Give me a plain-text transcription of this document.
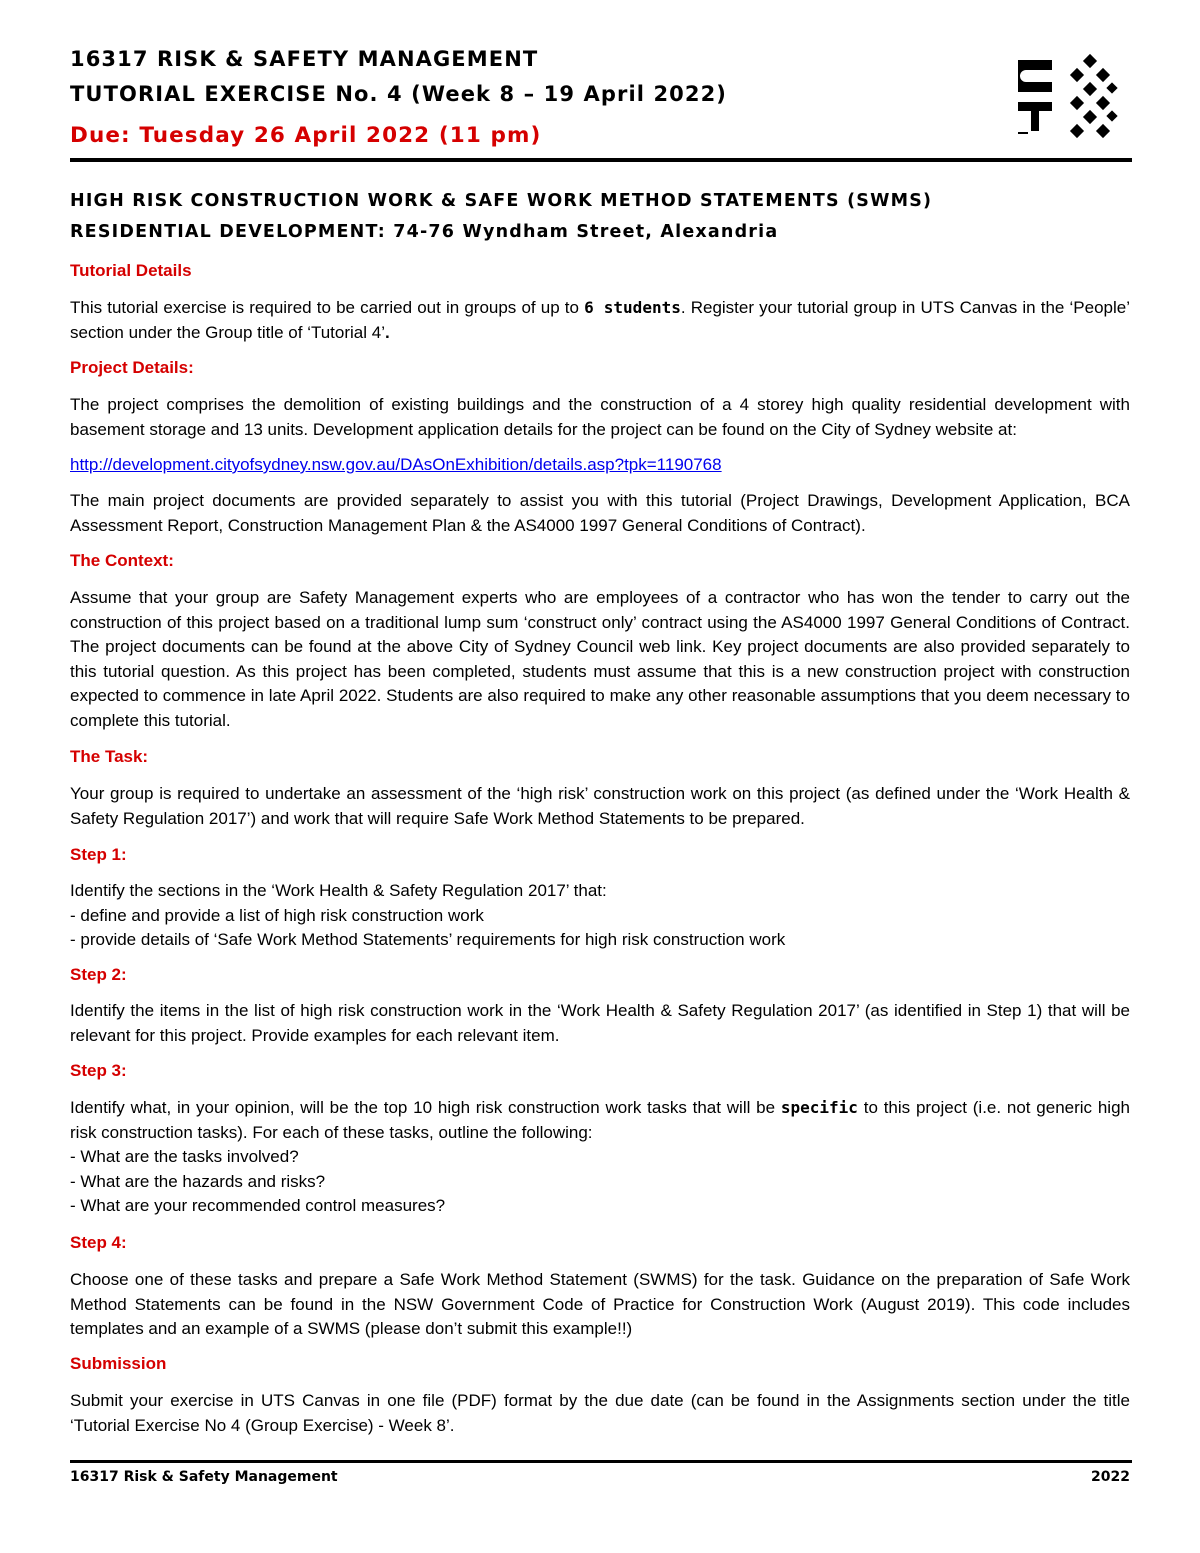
16317 RISK & SAFETY MANAGEMENT
TUTORIAL EXERCISE No. 4 (Week 8 – 19 April 2022)
Due: Tuesday 26 April 2022 (11 pm)
HIGH RISK CONSTRUCTION WORK & SAFE WORK METHOD STATEMENTS (SWMS)
RESIDENTIAL DEVELOPMENT: 74-76 Wyndham Street, Alexandria
Tutorial Details

This tutorial exercise is required to be carried out in groups of up to 6 students. Register your tutorial group in UTS Canvas in the ‘People’ section under the Group title of ‘Tutorial 4’.

Project Details:

The project comprises the demolition of existing buildings and the construction of a 4 storey high quality residential development with basement storage and 13 units. Development application details for the project can be found on the City of Sydney website at:

http://development.cityofsydney.nsw.gov.au/DAsOnExhibition/details.asp?tpk=1190768

The main project documents are provided separately to assist you with this tutorial (Project Drawings, Development Application, BCA Assessment Report, Construction Management Plan & the AS4000 1997 General Conditions of Contract).

The Context:

Assume that your group are Safety Management experts who are employees of a contractor who has won the tender to carry out the construction of this project based on a traditional lump sum ‘construct only’ contract using the AS4000 1997 General Conditions of Contract. The project documents can be found at the above City of Sydney Council web link. Key project documents are also provided separately to this tutorial question. As this project has been completed, students must assume that this is a new construction project with construction expected to commence in late April 2022. Students are also required to make any other reasonable assumptions that you deem necessary to complete this tutorial.

The Task:

Your group is required to undertake an assessment of the ‘high risk’ construction work on this project (as defined under the ‘Work Health & Safety Regulation 2017’) and work that will require Safe Work Method Statements to be prepared.

Step 1:

Identify the sections in the ‘Work Health & Safety Regulation 2017’ that:
- define and provide a list of high risk construction work
- provide details of ‘Safe Work Method Statements’ requirements for high risk construction work

Step 2:

Identify the items in the list of high risk construction work in the ‘Work Health & Safety Regulation 2017’ (as identified in Step 1) that will be relevant for this project. Provide examples for each relevant item.

Step 3:

Identify what, in your opinion, will be the top 10 high risk construction work tasks that will be specific to this project (i.e. not generic high risk construction tasks). For each of these tasks, outline the following:
- What are the tasks involved?
- What are the hazards and risks?
- What are your recommended control measures?

Step 4:

Choose one of these tasks and prepare a Safe Work Method Statement (SWMS) for the task. Guidance on the preparation of Safe Work Method Statements can be found in the NSW Government Code of Practice for Construction Work (August 2019). This code includes templates and an example of a SWMS (please don’t submit this example!!)

Submission

Submit your exercise in UTS Canvas in one file (PDF) format by the due date (can be found in the Assignments section under the title ‘Tutorial Exercise No 4 (Group Exercise) - Week 8’.

16317 Risk & Safety Management	2022
